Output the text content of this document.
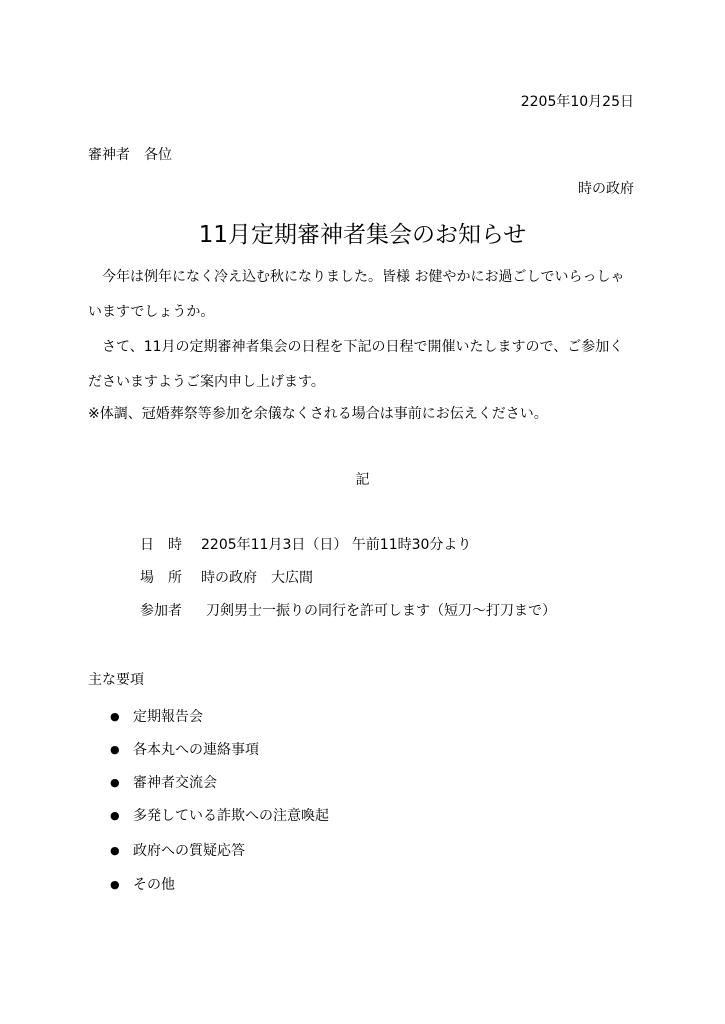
2205年10月25日
審神者　各位
時の政府
11月定期審神者集会のお知らせ
　今年は例年になく冷え込む秋になりました。皆様 お健やかにお過ごしでいらっしゃ
いますでしょうか。
　さて、11月の定期審神者集会の日程を下記の日程で開催いたしますので、ご参加く
ださいますようご案内申し上げます。
※体調、冠婚葬祭等参加を余儀なくされる場合は事前にお伝えください。
記
日　時 2205年11月3日（日） 午前11時30分より
場　所 時の政府　大広間
参加者 刀剣男士一振りの同行を許可します（短刀～打刀まで）
主な要項
● 定期報告会
● 各本丸への連絡事項
● 審神者交流会
● 多発している詐欺への注意喚起
● 政府への質疑応答
● その他
